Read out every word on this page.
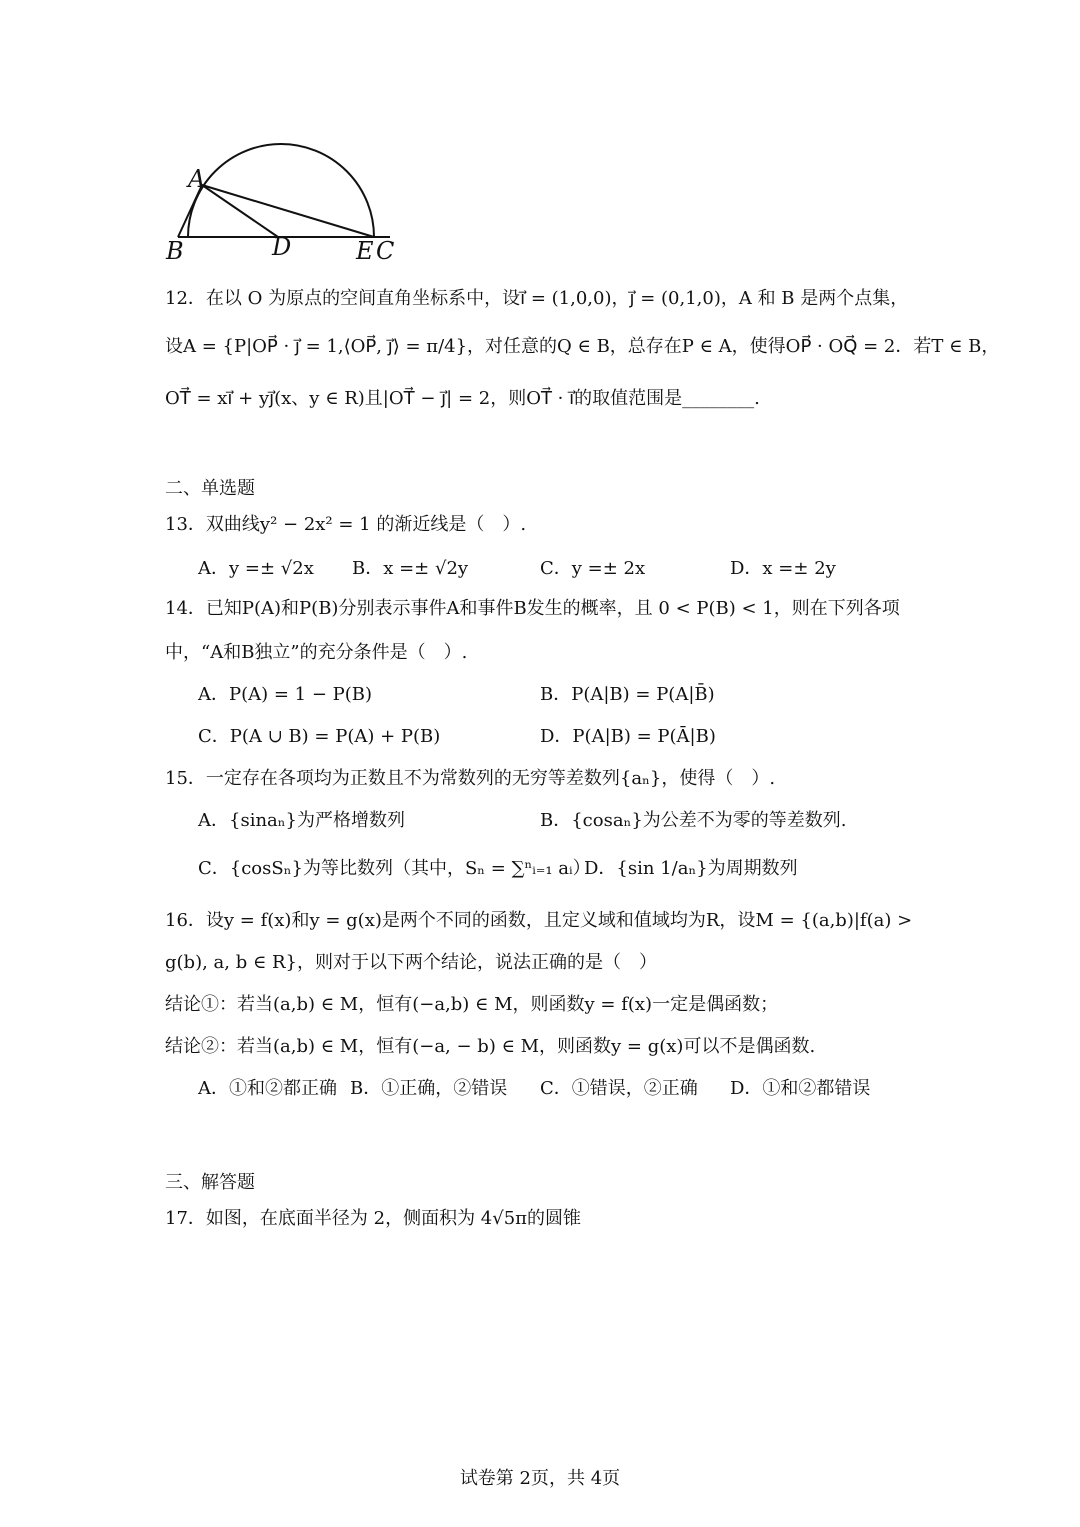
A
B	D	E C
12．在以 O 为原点的空间直角坐标系中，设i⃗ = (1,0,0)，j⃗ = (0,1,0)，A 和 B 是两个点集，
设A = {P|OP⃗ · j⃗ = 1,⟨OP⃗, j⃗⟩ = π/4}，对任意的Q ∈ B，总存在P ∈ A，使得OP⃗ · OQ⃗ = 2．若T ∈ B，
OT⃗ = xi⃗ + yj⃗(x、y ∈ R)且|OT⃗ − j⃗| = 2，则OT⃗ · i⃗的取值范围是________.
二、单选题
13．双曲线y² − 2x² = 1 的渐近线是（　）.
A．y =± √2x B．x =± √2y	C．y =± 2x	D．x =± 2y
14．已知P(A)和P(B)分别表示事件A和事件B发生的概率，且 0 < P(B) < 1，则在下列各项
中，“A和B独立”的充分条件是（　）.
A．P(A) = 1 − P(B)	B．P(A|B) = P(A|B̄)
C．P(A ∪ B) = P(A) + P(B)	D．P(A|B) = P(Ā|B)
15．一定存在各项均为正数且不为常数列的无穷等差数列{aₙ}，使得（　）.
A．{sinaₙ}为严格增数列	B．{cosaₙ}为公差不为零的等差数列.
C．{cosSₙ}为等比数列（其中，Sₙ = ∑ⁿᵢ₌₁ aᵢ）
D．{sin 1/aₙ}为周期数列
16．设y = f(x)和y = g(x)是两个不同的函数，且定义域和值域均为R，设M = {(a,b)|f(a) >
g(b), a, b ∈ R}，则对于以下两个结论，说法正确的是（　）
结论①：若当(a,b) ∈ M，恒有(−a,b) ∈ M，则函数y = f(x)一定是偶函数；
结论②：若当(a,b) ∈ M，恒有(−a, − b) ∈ M，则函数y = g(x)可以不是偶函数.
A．①和②都正确 B．①正确，②错误 C．①错误，②正确 D．①和②都错误
三、解答题
17．如图，在底面半径为 2，侧面积为 4√5π的圆锥
试卷第 2页，共 4页
